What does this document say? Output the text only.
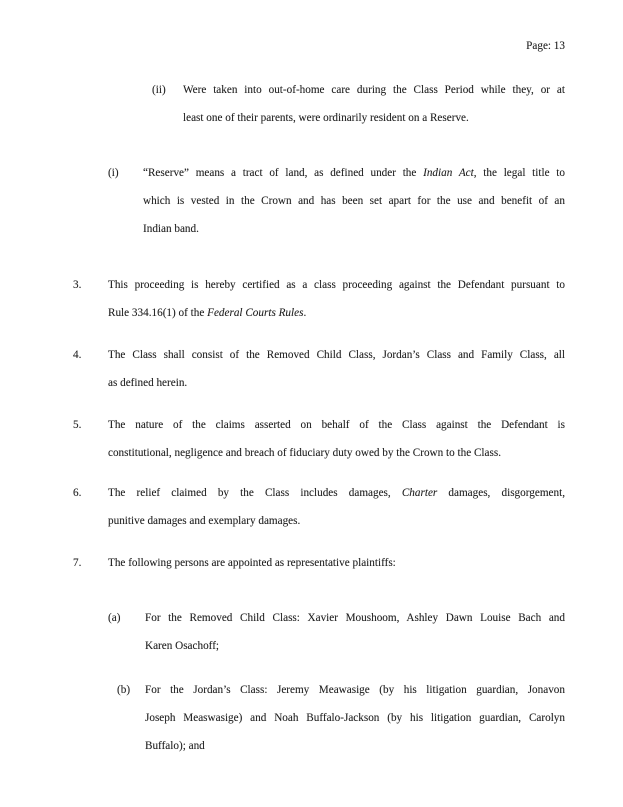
Page: 13
(ii) Were taken into out-of-home care during the Class Period while they, or at
least one of their parents, were ordinarily resident on a Reserve.
(i) “Reserve” means a tract of land, as defined under the Indian Act, the legal title to
which is vested in the Crown and has been set apart for the use and benefit of an
Indian band.
3. This proceeding is hereby certified as a class proceeding against the Defendant pursuant to
Rule 334.16(1) of the Federal Courts Rules.
4. The Class shall consist of the Removed Child Class, Jordan’s Class and Family Class, all
as defined herein.
5. The nature of the claims asserted on behalf of the Class against the Defendant is
constitutional, negligence and breach of fiduciary duty owed by the Crown to the Class.
6. The relief claimed by the Class includes damages, Charter damages, disgorgement,
punitive damages and exemplary damages.
7. The following persons are appointed as representative plaintiffs:
(a) For the Removed Child Class: Xavier Moushoom, Ashley Dawn Louise Bach and
Karen Osachoff;
(b) For the Jordan’s Class: Jeremy Meawasige (by his litigation guardian, Jonavon
Joseph Measwasige) and Noah Buffalo-Jackson (by his litigation guardian, Carolyn
Buffalo); and
